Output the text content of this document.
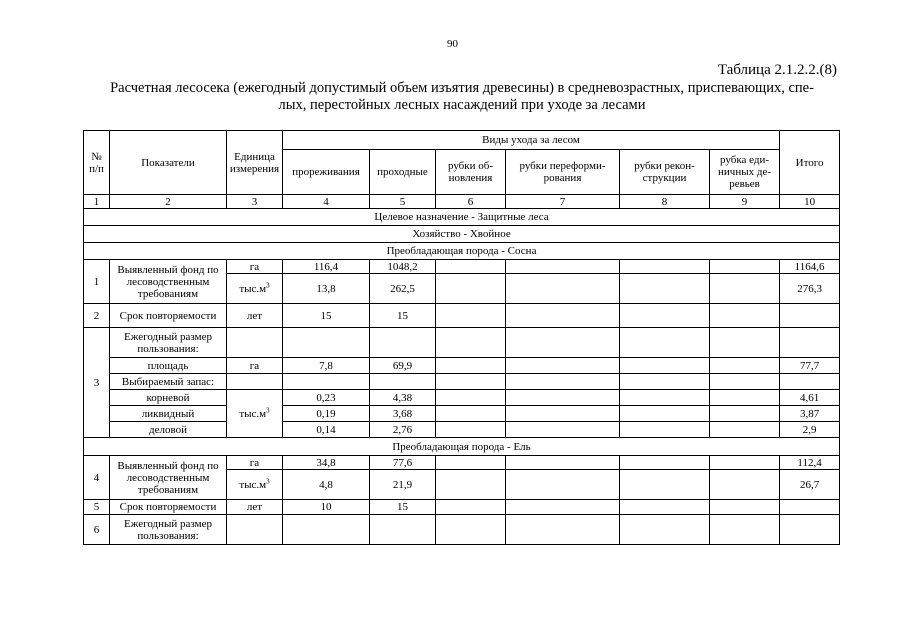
90
Таблица 2.1.2.2.(8)
Расчетная лесосека (ежегодный допустимый объем изъятия древесины) в средневозрастных, приспевающих, спе-
лых, перестойных лесных насаждений при уходе за лесами
№ п/п	Показатели	Единица измерения	Виды ухода за лесом						Итого
			прореживания	проходные	рубки об- новления	рубки переформи- рования	рубки рекон- струкции	рубка еди- ничных де- ревьев	
1	2	3	4	5	6	7	8	9	10
Целевое назначение - Защитные леса									
Хозяйство - Хвойное									
Преобладающая порода - Сосна									
1	Выявленный фонд по лесоводственным требованиям	га	116,4	1048,2					1164,6
		$тыс.м^3$	13,8	262,5					276,3
2	Срок повторяемости	лет	15	15					
3	Ежегодный размер пользования:								
	площадь	га	7,8	69,9					77,7
	Выбираемый запас:								
	корневой	$тыс.м^3$	0,23	4,38					4,61
	ликвидный		0,19	3,68					3,87
	деловой		0,14	2,76					2,9
Преобладающая порода - Ель									
4	Выявленный фонд по лесоводственным требованиям	га	34,8	77,6					112,4
		$тыс.м^3$	4,8	21,9					26,7
5	Срок повторяемости	лет	10	15					
6	Ежегодный размер пользования:								
